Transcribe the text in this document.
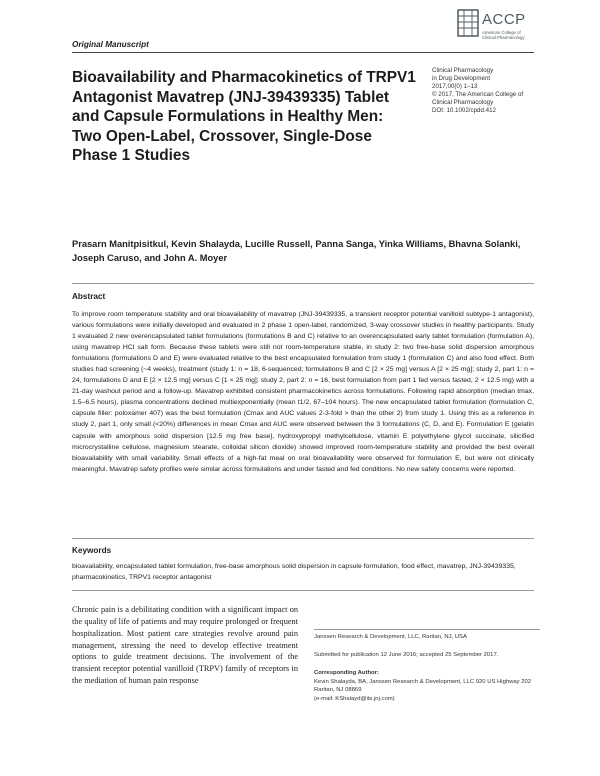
Original Manuscript
ACCP
American College of
Clinical Pharmacology
Clinical Pharmacology
in Drug Development
2017,00(0) 1–13
© 2017, The American College of
Clinical Pharmacology
DOI: 10.1002/cpdd.412
Bioavailability and Pharmacokinetics of TRPV1 Antagonist Mavatrep (JNJ-39439335) Tablet and Capsule Formulations in Healthy Men: Two Open-Label, Crossover, Single-Dose Phase 1 Studies
Prasarn Manitpisitkul, Kevin Shalayda, Lucille Russell, Panna Sanga, Yinka Williams, Bhavna Solanki, Joseph Caruso, and John A. Moyer
Abstract
To improve room temperature stability and oral bioavailability of mavatrep (JNJ-39439335, a transient receptor potential vanilloid subtype-1 antagonist), various formulations were initially developed and evaluated in 2 phase 1 open-label, randomized, 3-way crossover studies in healthy participants. Study 1 evaluated 2 new overencapsulated tablet formulations (formulations B and C) relative to an overencapsulated early tablet formulation (formulation A), using mavatrep HCl salt form. Because these tablets were still not room-temperature stable, in study 2: two free-base solid dispersion amorphous formulations (formulations D and E) were evaluated relative to the best encapsulated formulation from study 1 (formulation C) and also food effect. Both studies had screening (~4 weeks), treatment (study 1: n = 18, 6-sequenced; formulations B and C [2 × 25 mg] versus A [2 × 25 mg]; study 2, part 1: n = 24, formulations D and E [2 × 12.5 mg] versus C [1 × 25 mg]; study 2, part 2: n = 16, best formulation from part 1 fed versus fasted, 2 × 12.5 mg) with a 21-day washout period and a follow-up. Mavatrep exhibited consistent pharmacokinetics across formulations. Following rapid absorption (median tmax, 1.5–6.5 hours), plasma concentrations declined multiexponentially (mean t1/2, 67–104 hours). The new encapsulated tablet formulation (formulation C, capsule filler: poloxamer 407) was the best formulation (Cmax and AUC values 2-3-fold > than the other 2) from study 1. Using this as a reference in study 2, part 1, only small (<20%) differences in mean Cmax and AUC were observed between the 3 formulations (C, D, and E). Formulation E (gelatin capsule with amorphous solid dispersion [12.5 mg free base], hydroxypropyl methylcellulose, vitamin E polyethylene glycol succinate, silicified microcrystalline cellulose, magnesium stearate, colloidal silicon dioxide) showed improved room-temperature stability and provided the best overall bioavailability with small variability. Small effects of a high-fat meal on oral bioavailability were observed for formulation E, but were not clinically meaningful. Mavatrep safety profiles were similar across formulations and under fasted and fed conditions. No new safety concerns were reported.
Keywords
bioavailability, encapsulated tablet formulation, free-base amorphous solid dispersion in capsule formulation, food effect, mavatrep, JNJ-39439335, pharmacokinetics, TRPV1 receptor antagonist
Chronic pain is a debilitating condition with a significant impact on the quality of life of patients and may require prolonged or frequent hospitalization. Most patient care strategies revolve around pain management, stressing the need to develop effective treatment options to guide treatment decisions. The involvement of the transient receptor potential vanilloid (TRPV) family of receptors in the mediation of human pain response
Janssen Research & Development, LLC, Raritan, NJ, USA
Submitted for publication 12 June 2016; accepted 25 September 2017.
Corresponding Author:
Kevin Shalayda, BA, Janssen Research & Development, LLC 920 US Highway 202 Raritan, NJ 08869
(e-mail: KShalayd@its.jnj.com)
